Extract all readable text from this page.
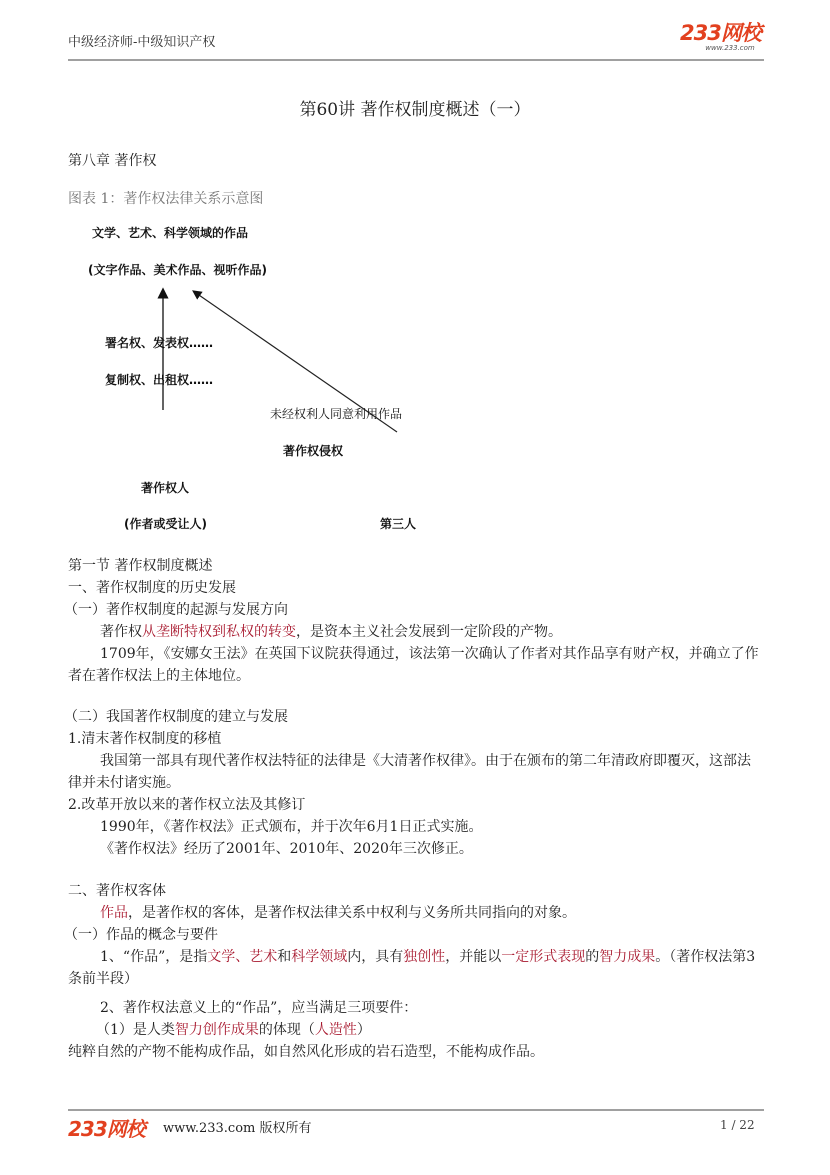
中级经济师-中级知识产权	233网校
www.233.com
第60讲 著作权制度概述（一）
第八章 著作权
图表 1：著作权法律关系示意图
文学、艺术、科学领域的作品
(文字作品、美术作品、视听作品)
署名权、发表权……
复制权、出租权……
未经权利人同意利用作品
著作权侵权
著作权人
(作者或受让人)	第三人
第一节 著作权制度概述
一、著作权制度的历史发展
（一）著作权制度的起源与发展方向
著作权从垄断特权到私权的转变，是资本主义社会发展到一定阶段的产物。
1709年，《安娜女王法》在英国下议院获得通过，该法第一次确认了作者对其作品享有财产权，并确立了作者在著作权法上的主体地位。
（二）我国著作权制度的建立与发展
1.清末著作权制度的移植
我国第一部具有现代著作权法特征的法律是《大清著作权律》。由于在颁布的第二年清政府即覆灭，这部法律并未付诸实施。
2.改革开放以来的著作权立法及其修订
1990年，《著作权法》正式颁布，并于次年6月1日正式实施。
《著作权法》经历了2001年、2010年、2020年三次修正。
二、著作权客体
作品，是著作权的客体，是著作权法律关系中权利与义务所共同指向的对象。
（一）作品的概念与要件
1、“作品”，是指文学、艺术和科学领域内，具有独创性，并能以一定形式表现的智力成果。（著作权法第3条前半段）
2、著作权法意义上的“作品”，应当满足三项要件：
（1）是人类智力创作成果的体现（人造性）
纯粹自然的产物不能构成作品，如自然风化形成的岩石造型，不能构成作品。
233网校 www.233.com 版权所有	1 / 22
